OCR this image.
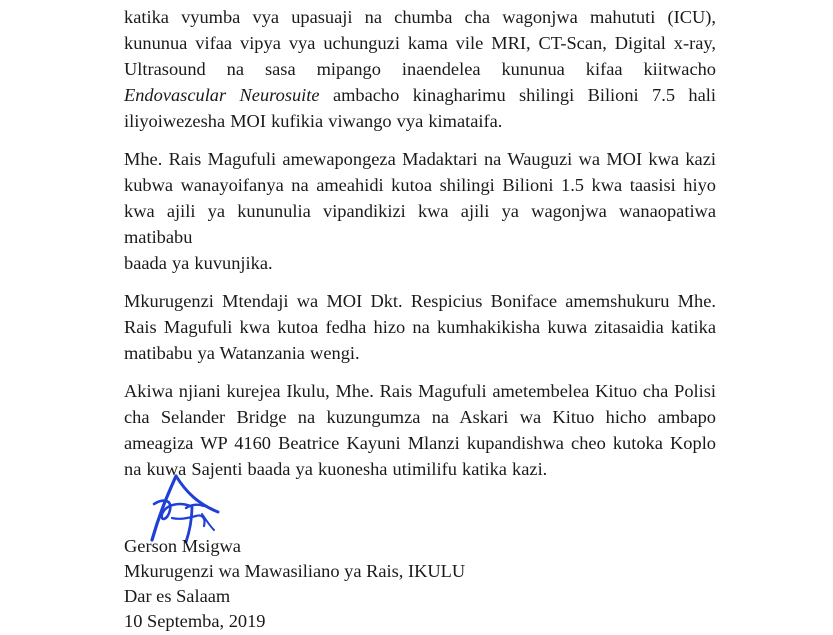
katika vyumba vya upasuaji na chumba cha wagonjwa mahututi (ICU),
kununua vifaa vipya vya uchunguzi kama vile MRI, CT-Scan, Digital x-ray,
Ultrasound na sasa mipango inaendelea kununua kifaa kiitwacho
Endovascular Neurosuite ambacho kinagharimu shilingi Bilioni 7.5 hali
iliyoiwezesha MOI kufikia viwango vya kimataifa.

Mhe. Rais Magufuli amewapongeza Madaktari na Wauguzi wa MOI kwa kazi
kubwa wanayoifanya na ameahidi kutoa shilingi Bilioni 1.5 kwa taasisi hiyo
kwa ajili ya kununulia vipandikizi kwa ajili ya wagonjwa wanaopatiwa matibabu
baada ya kuvunjika.

Mkurugenzi Mtendaji wa MOI Dkt. Respicius Boniface amemshukuru Mhe.
Rais Magufuli kwa kutoa fedha hizo na kumhakikisha kuwa zitasaidia katika
matibabu ya Watanzania wengi.

Akiwa njiani kurejea Ikulu, Mhe. Rais Magufuli ametembelea Kituo cha Polisi
cha Selander Bridge na kuzungumza na Askari wa Kituo hicho ambapo
ameagiza WP 4160 Beatrice Kayuni Mlanzi kupandishwa cheo kutoka Koplo
na kuwa Sajenti baada ya kuonesha utimilifu katika kazi.

Gerson Msigwa
Mkurugenzi wa Mawasiliano ya Rais, IKULU
Dar es Salaam
10 Septemba, 2019
